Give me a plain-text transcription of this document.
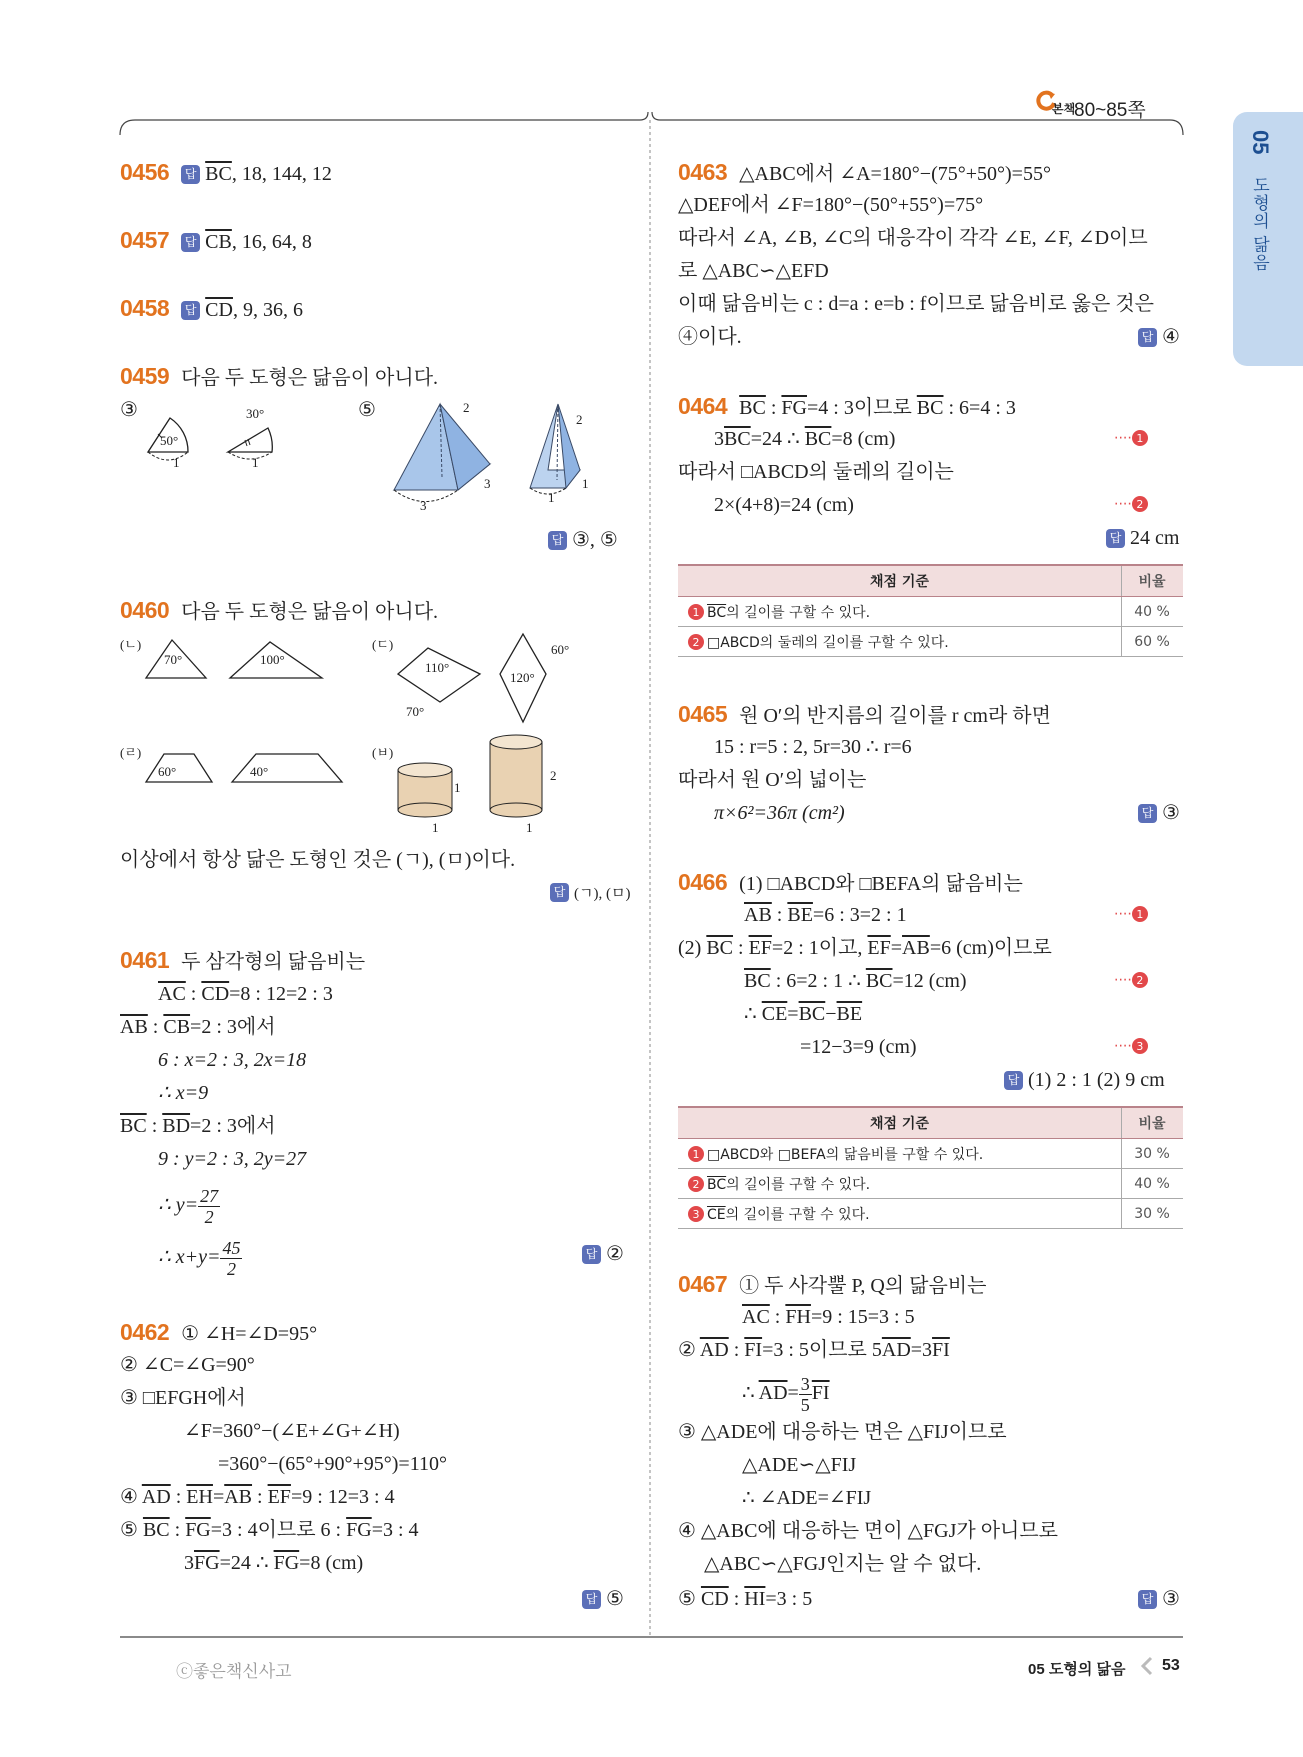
본책
80~85쪽
05
도형의 닮음
0456 답 $\overline{BC}$, 18, 144, 12
0457 답 $\overline{CB}$, 16, 64, 8
0458 답 $\overline{CD}$, 9, 36, 6
0459 다음 두 도형은 닮음이 아니다.
③
50°
30°
1	1
⑤	2
3
3
2
1
1
답 ③, ⑤
0460 다음 두 도형은 닮음이 아니다.
(ㄴ)	(ㄷ)
(ㄹ)	(ㅂ)
70°	100°
110°
70°
120°
60°
60°	40°
1
1
2
1
이상에서 항상 닮은 도형인 것은 (ㄱ), (ㅁ)이다.
답 (ㄱ), (ㅁ)
0461 두 삼각형의 닮음비는
$\overline{AC}$ : $\overline{CD}=8$ : 12=2 : 3
$\overline{AB}$ : $\overline{CB}=2$ : 3에서
6 : x=2 : 3, 2x=18
∴ x=9
$\overline{BC}$ : $\overline{BD}=2$ : 3에서
9 : y=2 : 3, 2y=27
∴ $y= \frac{27}{2}$
∴ $x+y= \frac{45}{2}$	답 ②
0462 ① ∠H=∠D=95°
② ∠C=∠G=90°
③ □EFGH에서
∠F=360°−(∠E+∠G+∠H)
=360°−(65°+90°+95°)=110°
④ $\overline{AD}$ : $\overline{EH}=\overline{AB}$ : $\overline{EF}=9$ : 12=3 : 4
⑤ $\overline{BC}$ : $\overline{FG}=3$ : 4이므로 6 : $\overline{FG}=3$ : 4
$3\overline{FG}=24$ ∴ $\overline{FG}=8$ (cm)
답 ⑤
0463 △ABC에서 ∠A=180°−(75°+50°)=55°
△DEF에서 ∠F=180°−(50°+55°)=75°
따라서 ∠A, ∠B, ∠C의 대응각이 각각 ∠E, ∠F, ∠D이므
로 △ABC∽△EFD
이때 닮음비는 c : d=a : e=b : f이므로 닮음비로 옳은 것은
④이다.	답 ④
0464 $\overline{BC}$ : $\overline{FG}=4$ : 3이므로 $\overline{BC}$ : 6=4 : 3
$3\overline{BC}=24$ ∴ $\overline{BC}=8$ (cm)	···· 1
따라서 □ABCD의 둘레의 길이는
2×(4+8)=24 (cm)	···· 2
답 24 cm
채점 기준	비율
1 $\overline{BC}$의 길이를 구할 수 있다.	40 %
2 □ABCD의 둘레의 길이를 구할 수 있다.	60 %
0465 원 O′의 반지름의 길이를 r cm라 하면
15 : r=5 : 2, 5r=30 ∴ r=6
따라서 원 O′의 넓이는
π×6²=36π (cm²)	답 ③
0466 (1) □ABCD와 □BEFA의 닮음비는
$\overline{AB}$ : $\overline{BE}=6$ : 3=2 : 1	···· 1
(2) $\overline{BC}$ : $\overline{EF}=2$ : 1이고, $\overline{EF}=\overline{AB}=6$ (cm)이므로
$\overline{BC}$ : 6=2 : 1 ∴ $\overline{BC}=12$ (cm)	···· 2
∴ $\overline{CE}=\overline{BC}-\overline{BE}$
=12−3=9 (cm)	···· 3
답 (1) 2 : 1 (2) 9 cm
채점 기준	비율
1 □ABCD와 □BEFA의 닮음비를 구할 수 있다.	30 %
2 $\overline{BC}$의 길이를 구할 수 있다.	40 %
3 $\overline{CE}$의 길이를 구할 수 있다.	30 %
0467 ① 두 사각뿔 P, Q의 닮음비는
$\overline{AC}$ : $\overline{FH}=9$ : 15=3 : 5
② $\overline{AD}$ : $\overline{FI}=3$ : 5이므로 $5\overline{AD}=3\overline{FI}$
∴ $\overline{AD}= \frac{3}{5} \overline{FI}$
③ △ADE에 대응하는 면은 △FIJ이므로
△ADE∽△FIJ
∴ ∠ADE=∠FIJ
④ △ABC에 대응하는 면이 △FGJ가 아니므로
△ABC∽△FGJ인지는 알 수 없다.
⑤ $\overline{CD}$ : $\overline{HI}=3$ : 5	답 ③
ⓒ좋은책신사고	05 도형의 닮음 53
